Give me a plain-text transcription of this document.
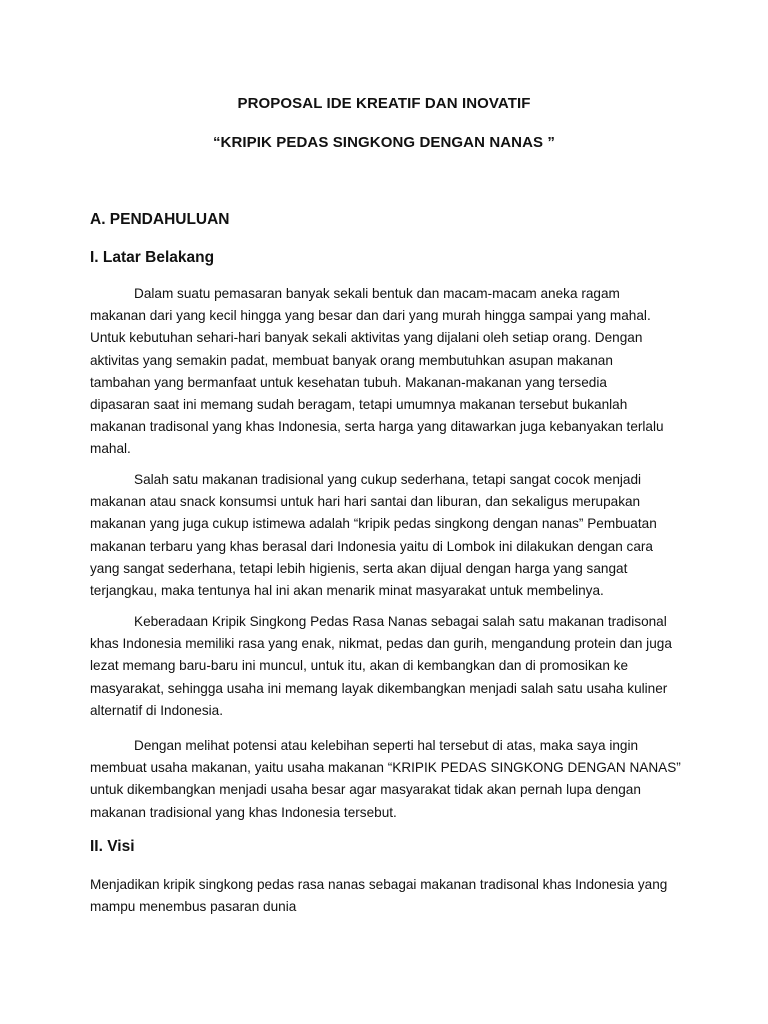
PROPOSAL IDE KREATIF DAN INOVATIF
“KRIPIK PEDAS SINGKONG DENGAN NANAS ”
A. PENDAHULUAN
I. Latar Belakang
Dalam suatu pemasaran banyak sekali bentuk dan macam-macam aneka ragam
makanan dari yang kecil hingga yang besar dan dari yang murah hingga sampai yang mahal.
Untuk kebutuhan sehari-hari banyak sekali aktivitas yang dijalani oleh setiap orang. Dengan
aktivitas yang semakin padat, membuat banyak orang membutuhkan asupan makanan
tambahan yang bermanfaat untuk kesehatan tubuh. Makanan-makanan yang tersedia
dipasaran saat ini memang sudah beragam, tetapi umumnya makanan tersebut bukanlah
makanan tradisonal yang khas Indonesia, serta harga yang ditawarkan juga kebanyakan terlalu
mahal.
Salah satu makanan tradisional yang cukup sederhana, tetapi sangat cocok menjadi
makanan atau snack konsumsi untuk hari hari santai dan liburan, dan sekaligus merupakan
makanan yang juga cukup istimewa adalah “kripik pedas singkong dengan nanas” Pembuatan
makanan terbaru yang khas berasal dari Indonesia yaitu di Lombok ini dilakukan dengan cara
yang sangat sederhana, tetapi lebih higienis, serta akan dijual dengan harga yang sangat
terjangkau, maka tentunya hal ini akan menarik minat masyarakat untuk membelinya.
Keberadaan Kripik Singkong Pedas Rasa Nanas sebagai salah satu makanan tradisonal
khas Indonesia memiliki rasa yang enak, nikmat, pedas dan gurih, mengandung protein dan juga
lezat memang baru-baru ini muncul, untuk itu, akan di kembangkan dan di promosikan ke
masyarakat, sehingga usaha ini memang layak dikembangkan menjadi salah satu usaha kuliner
alternatif di Indonesia.
Dengan melihat potensi atau kelebihan seperti hal tersebut di atas, maka saya ingin
membuat usaha makanan, yaitu usaha makanan “KRIPIK PEDAS SINGKONG DENGAN NANAS”
untuk dikembangkan menjadi usaha besar agar masyarakat tidak akan pernah lupa dengan
makanan tradisional yang khas Indonesia tersebut.
II. Visi
Menjadikan kripik singkong pedas rasa nanas sebagai makanan tradisonal khas Indonesia yang
mampu menembus pasaran dunia
